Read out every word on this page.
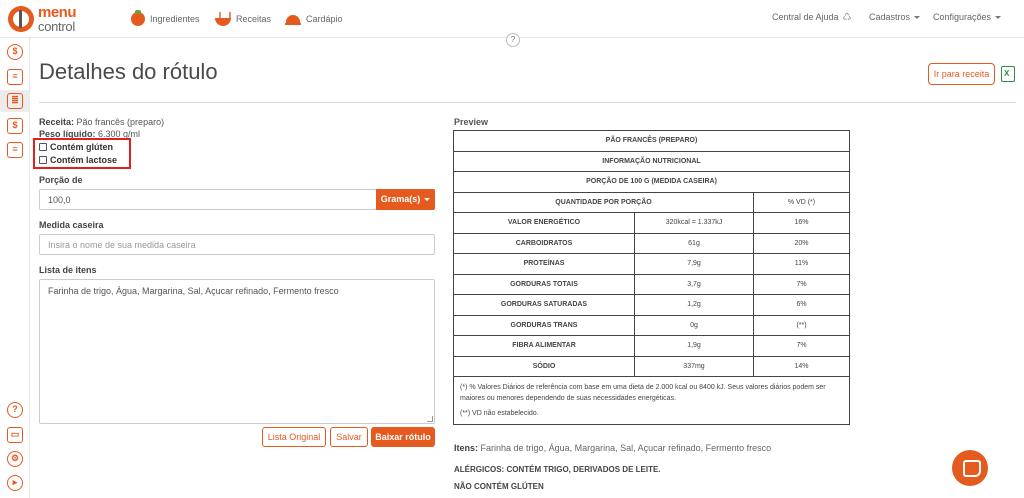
menu
control	Ingredientes	Receitas	Cardápio	Central de Ajuda ♺ Cadastros	Configurações
?
$
≡
≣
$
≡
?
▭
⚙
▸
Detalhes do rótulo	Ir para receita
X
Receita: Pão francês (preparo)
Peso líquido: 6.300 g/ml
Contém glúten
Contém lactose
Porção de
100,0	Grama(s)
Medida caseira
Insira o nome de sua medida caseira
Lista de itens
Farinha de trigo, Água, Margarina, Sal, Açucar refinado, Fermento fresco
Lista Original	Salvar	Baixar rótulo
Preview
PÃO FRANCÊS (PREPARO)		
INFORMAÇÃO NUTRICIONAL		
PORÇÃO DE 100 G (MEDIDA CASEIRA)		
QUANTIDADE POR PORÇÃO		% VD (*)
VALOR ENERGÉTICO	320kcal = 1.337kJ	16%
CARBOIDRATOS	61g	20%
PROTEÍNAS	7,9g	11%
GORDURAS TOTAIS	3,7g	7%
GORDURAS SATURADAS	1,2g	6%
GORDURAS TRANS	0g	(**)
FIBRA ALIMENTAR	1,9g	7%
SÓDIO	337mg	14%

(*) % Valores Diários de referência com base em uma dieta de 2.000 kcal ou 8400 kJ. Seus valores diários podem ser maiores ou menores dependendo de suas necessidades energéticas.
(**) VD não estabelecido.		
Itens: Farinha de trigo, Água, Margarina, Sal, Açucar refinado, Fermento fresco
ALÉRGICOS: CONTÉM TRIGO, DERIVADOS DE LEITE.
NÃO CONTÉM GLÚTEN
